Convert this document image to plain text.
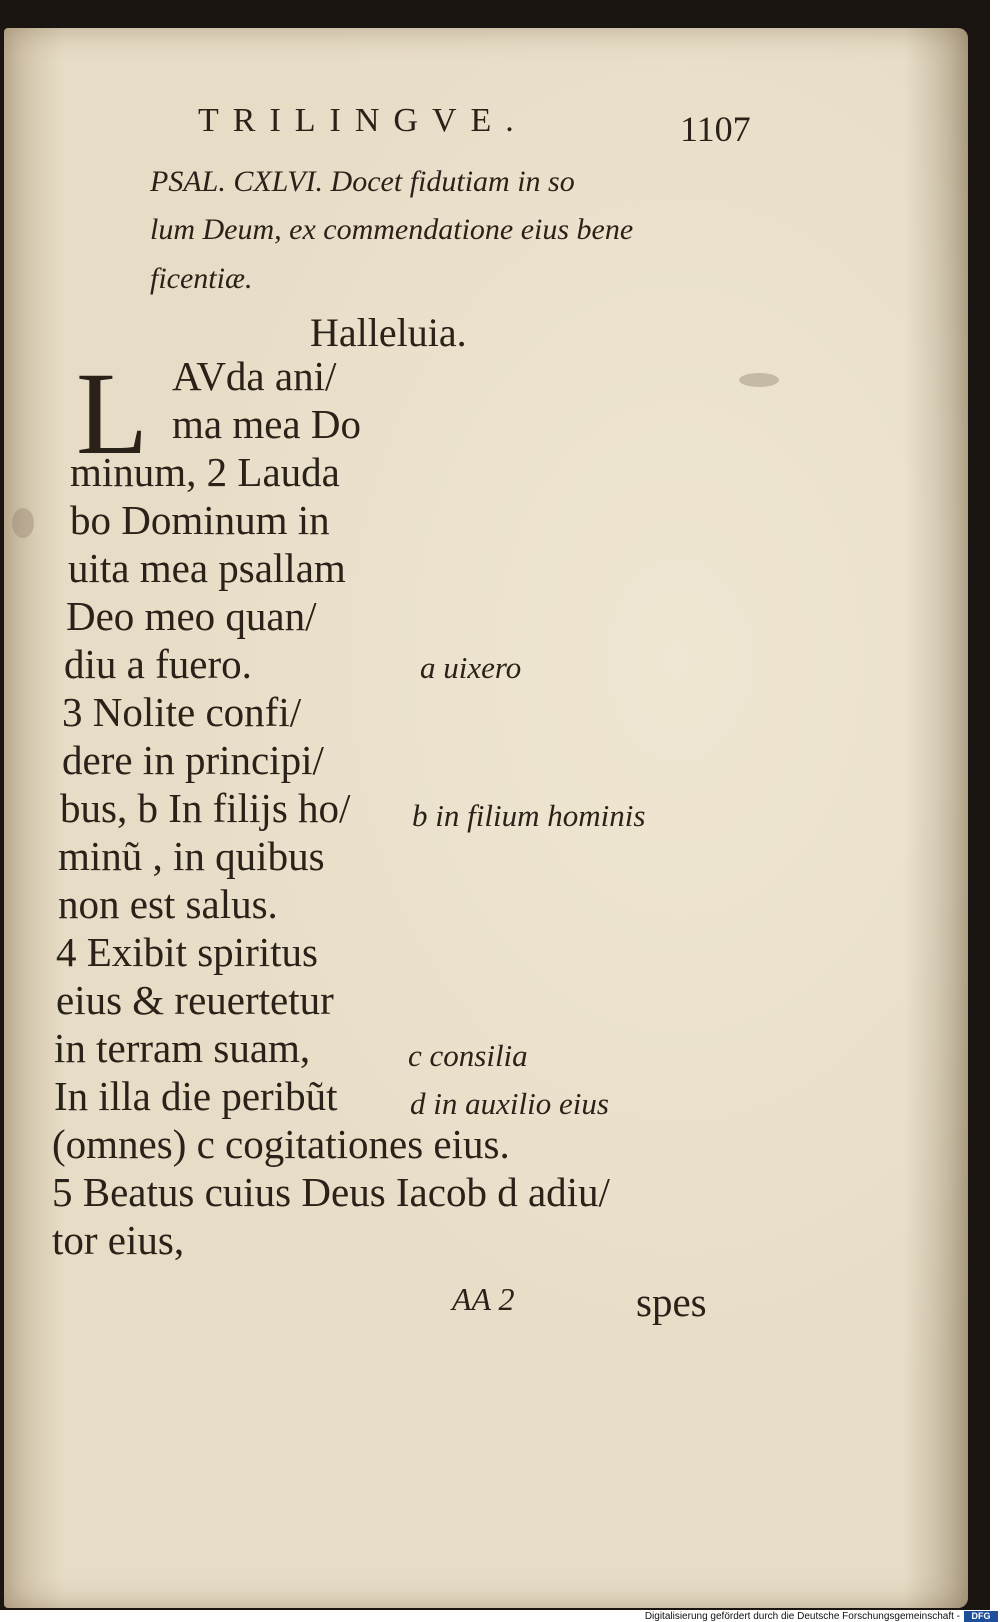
TRILINGVE.	1107
PSAL. CXLVI. Docet fidutiam in so
lum Deum, ex commendatione eius bene
ficentiæ.
Halleluia.
L AVda ani/
ma mea Do
minum, 2 Lauda
bo Dominum in
uita mea psallam
Deo meo quan/
diu a fuero.
3 Nolite confi/
dere in principi/
bus, b In filijs ho/
minũ , in quibus
non est salus.
4 Exibit spiritus
eius & reuertetur
in terram suam,
In illa die peribũt
(omnes) c cogitationes eius.
5 Beatus cuius Deus Iacob d adiu/
tor eius,
a uixero
b in filium hominis
c consilia
d in auxilio eius
AA 2	spes
Digitalisierung gefördert durch die Deutsche Forschungsgemeinschaft -	DFG
